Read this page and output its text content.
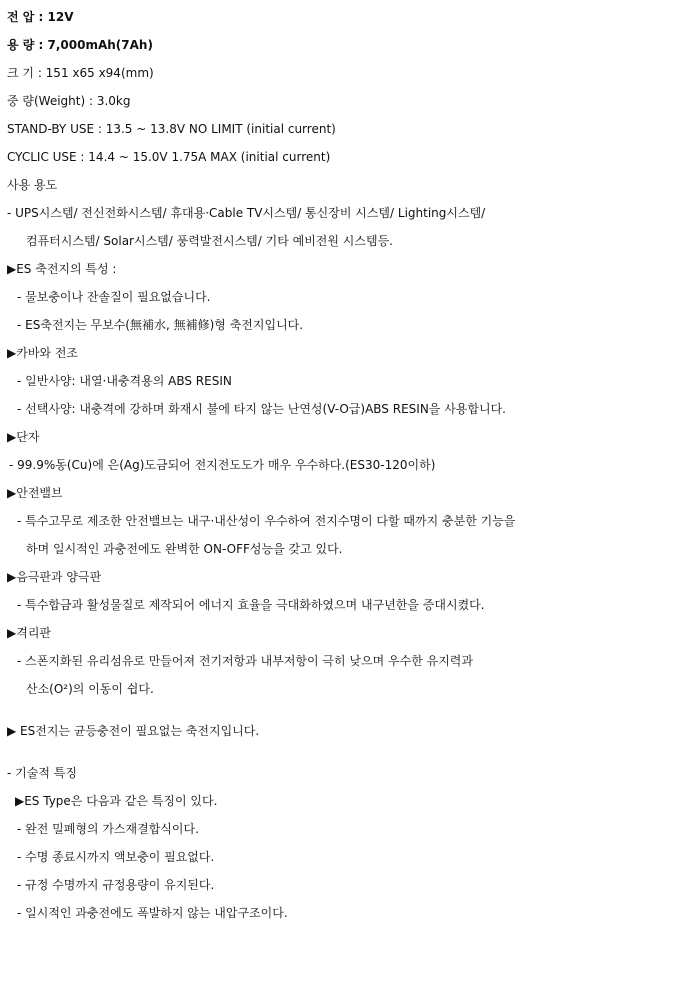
전 압 : 12V
용 량 : 7,000mAh(7Ah)
크 기 : 151 x65 x94(mm)
중 량(Weight) : 3.0kg
STAND-BY USE : 13.5 ~ 13.8V NO LIMIT (initial current)
CYCLIC USE : 14.4 ~ 15.0V 1.75A MAX (initial current)
사용 용도
- UPS시스템/ 전신전화시스템/ 휴대용·Cable TV시스템/ 통신장비 시스템/ Lighting시스템/
컴퓨터시스템/ Solar시스템/ 풍력발전시스템/ 기타 예비전원 시스템등.
▶ES 축전지의 특성 :
- 물보충이나 잔솔질이 필요없습니다.
- ES축전지는 무보수(無補水, 無補修)형 축전지입니다.
▶카바와 전조
- 일반사양: 내열·내충격용의 ABS RESIN
- 선택사양: 내충격에 강하며 화재시 불에 타지 않는 난연성(V-O급)ABS RESIN을 사용합니다.
▶단자
- 99.9%동(Cu)에 은(Ag)도금되어 전지전도도가 매우 우수하다.(ES30-120이하)
▶안전밸브
- 특수고무로 제조한 안전밸브는 내구·내산성이 우수하여 전지수명이 다할 때까지 충분한 기능을
하며 일시적인 과충전에도 완벽한 ON-OFF성능을 갖고 있다.
▶음극판과 양극판
- 특수합금과 활성물질로 제작되어 에너지 효율을 극대화하였으며 내구년한을 증대시켰다.
▶격리판
- 스폰지화된 유리섬유로 만들어져 전기저항과 내부저항이 극히 낮으며 우수한 유지력과
산소(O²)의 이동이 쉽다.
▶ ES전지는 균등충전이 필요없는 축전지입니다.
- 기술적 특징
▶ES Type은 다음과 같은 특징이 있다.
- 완전 밀폐형의 가스재결합식이다.
- 수명 종료시까지 액보충이 필요없다.
- 규정 수명까지 규정용량이 유지된다.
- 일시적인 과충전에도 폭발하지 않는 내압구조이다.
